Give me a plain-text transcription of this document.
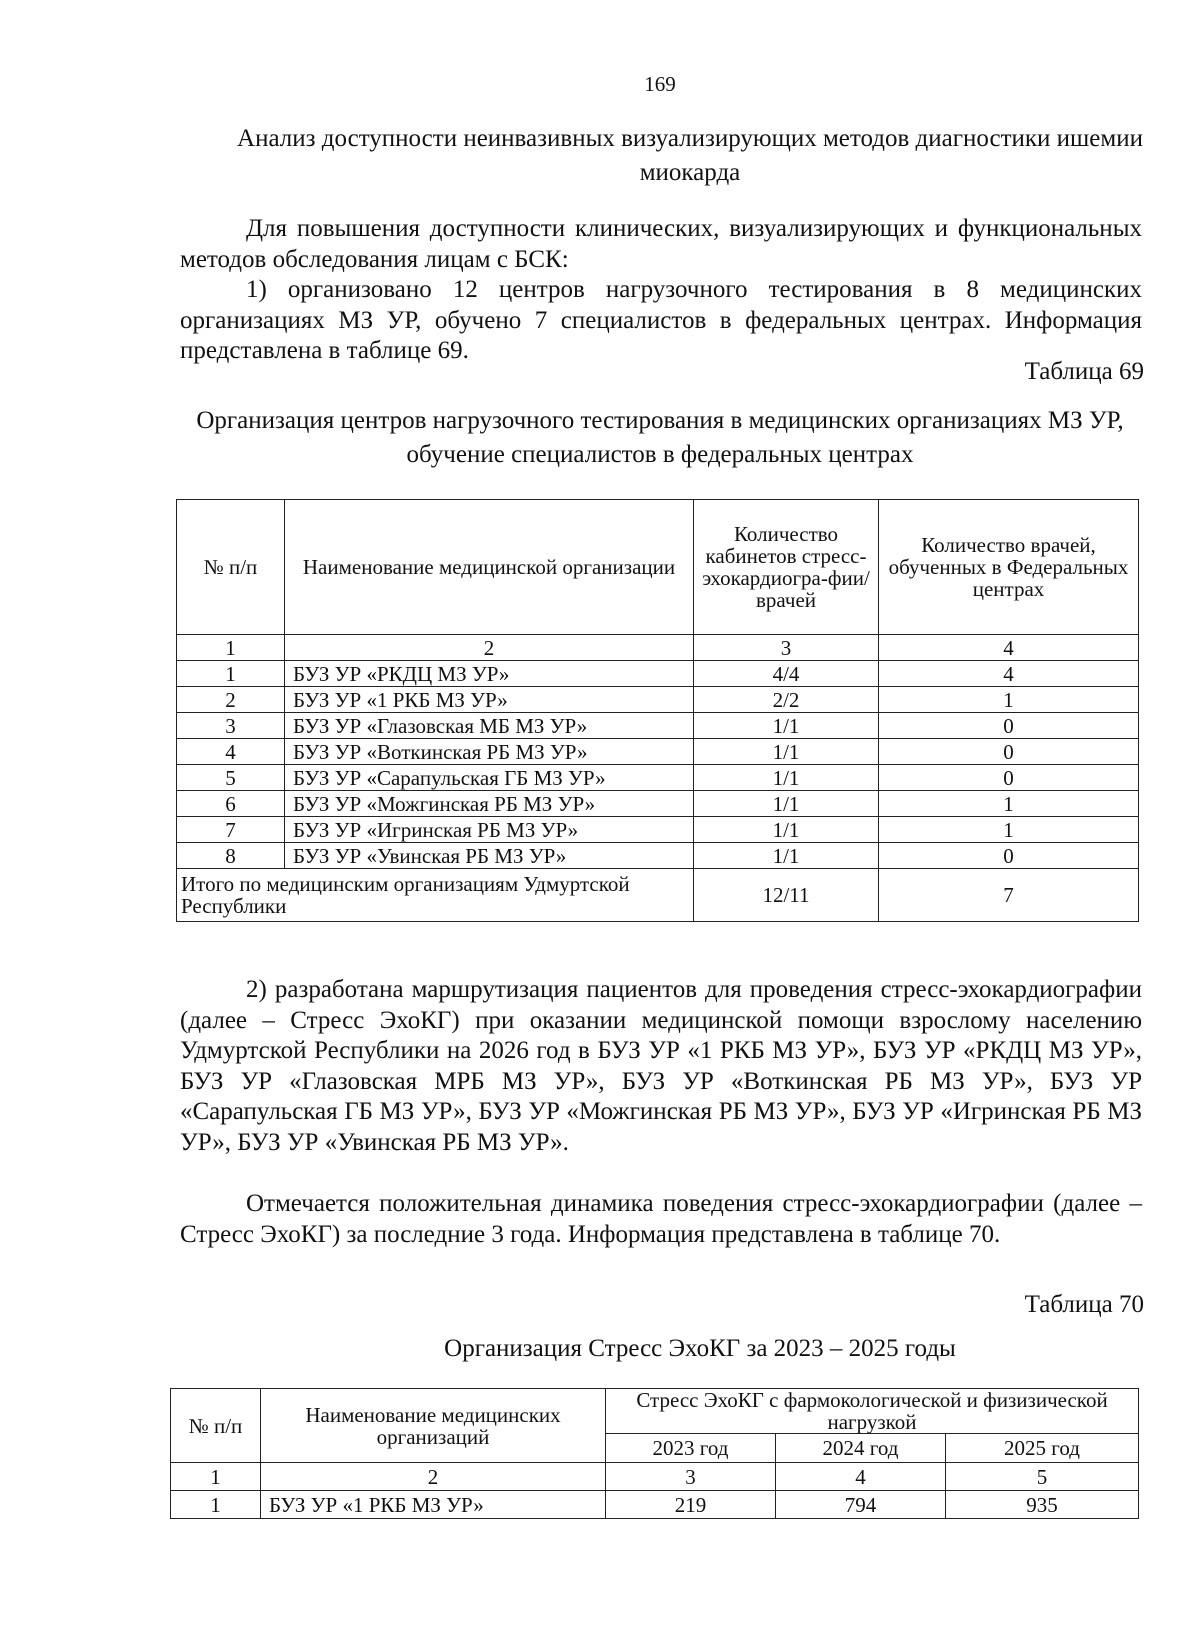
169
Анализ доступности неинвазивных визуализирующих методов диагностики ишемии миокарда

Для повышения доступности клинических, визуализирующих и функциональных методов обследования лицам с БСК:

1) организовано 12 центров нагрузочного тестирования в 8 медицинских организациях МЗ УР, обучено 7 специалистов в федеральных центрах. Информация представлена в таблице 69.

Таблица 69
Организация центров нагрузочного тестирования в медицинских организациях МЗ УР, обучение специалистов в федеральных центрах
№ п/п	Наименование медицинской организации	Количество кабинетов стресс-эхокардиогра-фии/врачей	Количество врачей, обученных в Федеральных центрах
1	2	3	4
1	БУЗ УР «РКДЦ МЗ УР»	4/4	4
2	БУЗ УР «1 РКБ МЗ УР»	2/2	1
3	БУЗ УР «Глазовская МБ МЗ УР»	1/1	0
4	БУЗ УР «Воткинская РБ МЗ УР»	1/1	0
5	БУЗ УР «Сарапульская ГБ МЗ УР»	1/1	0
6	БУЗ УР «Можгинская РБ МЗ УР»	1/1	1
7	БУЗ УР «Игринская РБ МЗ УР»	1/1	1
8	БУЗ УР «Увинская РБ МЗ УР»	1/1	0
Итого по медицинским организациям Удмуртской Республики		12/11	7

2) разработана маршрутизация пациентов для проведения стресс-эхокардиографии (далее – Стресс ЭхоКГ) при оказании медицинской помощи взрослому населению Удмуртской Республики на 2026 год в БУЗ УР «1 РКБ МЗ УР», БУЗ УР «РКДЦ МЗ УР», БУЗ УР «Глазовская МРБ МЗ УР», БУЗ УР «Воткинская РБ МЗ УР», БУЗ УР «Сарапульская ГБ МЗ УР», БУЗ УР «Можгинская РБ МЗ УР», БУЗ УР «Игринская РБ МЗ УР», БУЗ УР «Увинская РБ МЗ УР».

Отмечается положительная динамика поведения стресс-эхокардиографии (далее – Стресс ЭхоКГ) за последние 3 года. Информация представлена в таблице 70.

Таблица 70
Организация Стресс ЭхоКГ за 2023 – 2025 годы
№ п/п	Наименование медицинских организаций	Стресс ЭхоКГ с фармокологической и физизической нагрузкой		
		2023 год	2024 год	2025 год
1	2	3	4	5
1	БУЗ УР «1 РКБ МЗ УР»	219	794	935
